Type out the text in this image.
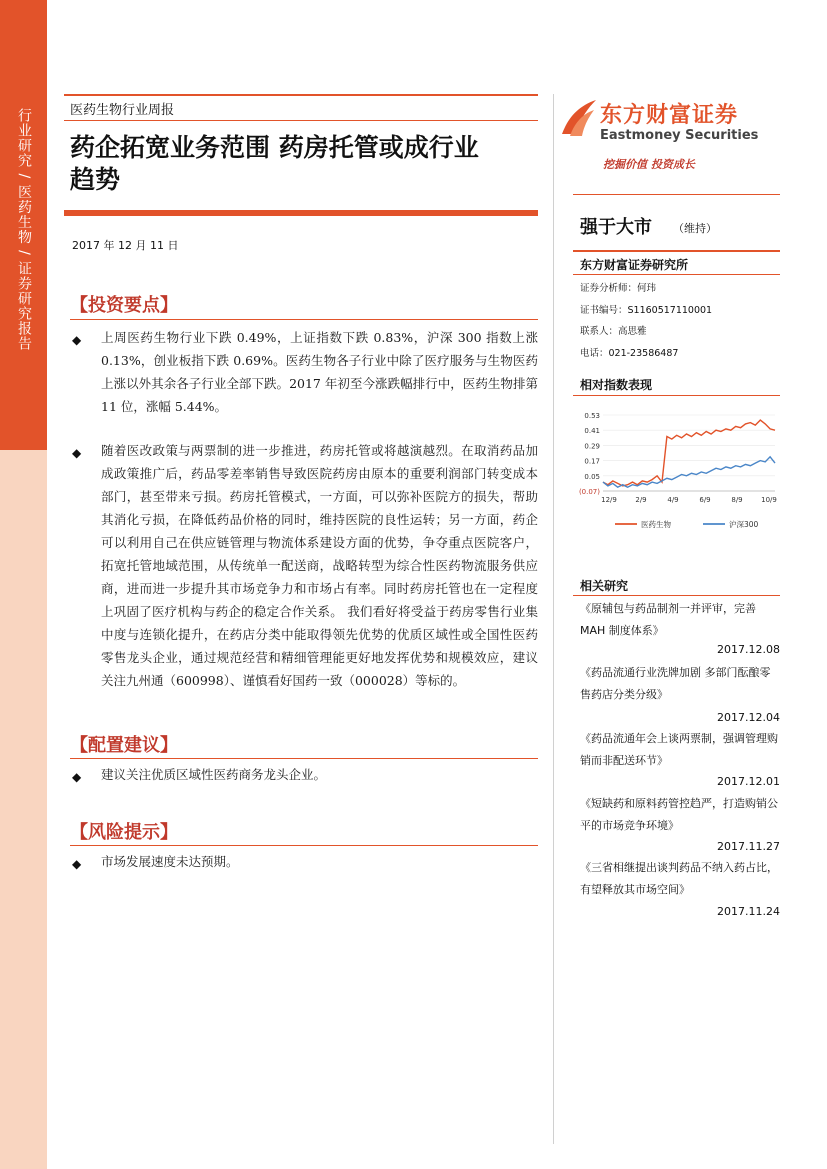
行业研究 / 医药生物 / 证券研究报告	医药生物行业周报
药企拓宽业务范围 药房托管或成行业
趋势
2017 年 12 月 11 日
【投资要点】
◆ 上周医药生物行业下跌 0.49%，上证指数下跌 0.83%，沪深 300 指数上涨 0.13%，创业板指下跌 0.69%。医药生物各子行业中除了医疗服务与生物医药上涨以外其余各子行业全部下跌。2017 年初至今涨跌幅排行中，医药生物排第 11 位，涨幅 5.44%。
◆ 随着医改政策与两票制的进一步推进，药房托管或将越演越烈。在取消药品加成政策推广后，药品零差率销售导致医院药房由原本的重要利润部门转变成本部门，甚至带来亏损。药房托管模式，一方面，可以弥补医院方的损失，帮助其消化亏损，在降低药品价格的同时，维持医院的良性运转；另一方面，药企可以利用自己在供应链管理与物流体系建设方面的优势，争夺重点医院客户，拓宽托管地域范围，从传统单一配送商，战略转型为综合性医药物流服务供应商，进而进一步提升其市场竞争力和市场占有率。同时药房托管也在一定程度上巩固了医疗机构与药企的稳定合作关系。 我们看好将受益于药房零售行业集中度与连锁化提升，在药店分类中能取得领先优势的优质区域性或全国性医药零售龙头企业，通过规范经营和精细管理能更好地发挥优势和规模效应，建议关注九州通（600998）、谨慎看好国药一致（000028）等标的。
【配置建议】
◆ 建议关注优质区域性医药商务龙头企业。
【风险提示】
◆ 市场发展速度未达预期。
东方财富证券
Eastmoney Securities
挖掘价值 投资成长
强于大市 （维持）
东方财富证券研究所
证券分析师：何玮
证书编号：S1160517110001
联系人：高思雅
电话：021-23586487
相对指数表现
0.53
0.41
0.29
0.17
0.05
(0.07)
12/9	2/9	4/9	6/9	8/9	10/9
医药生物	沪深300
相关研究
《原辅包与药品制剂一并评审，完善MAH 制度体系》
2017.12.08
《药品流通行业洗牌加剧 多部门酝酿零售药店分类分级》
2017.12.04
《药品流通年会上谈两票制，强调管理购销而非配送环节》
2017.12.01
《短缺药和原料药管控趋严，打造购销公平的市场竞争环境》
2017.11.27
《三省相继提出谈判药品不纳入药占比，有望释放其市场空间》
2017.11.24
